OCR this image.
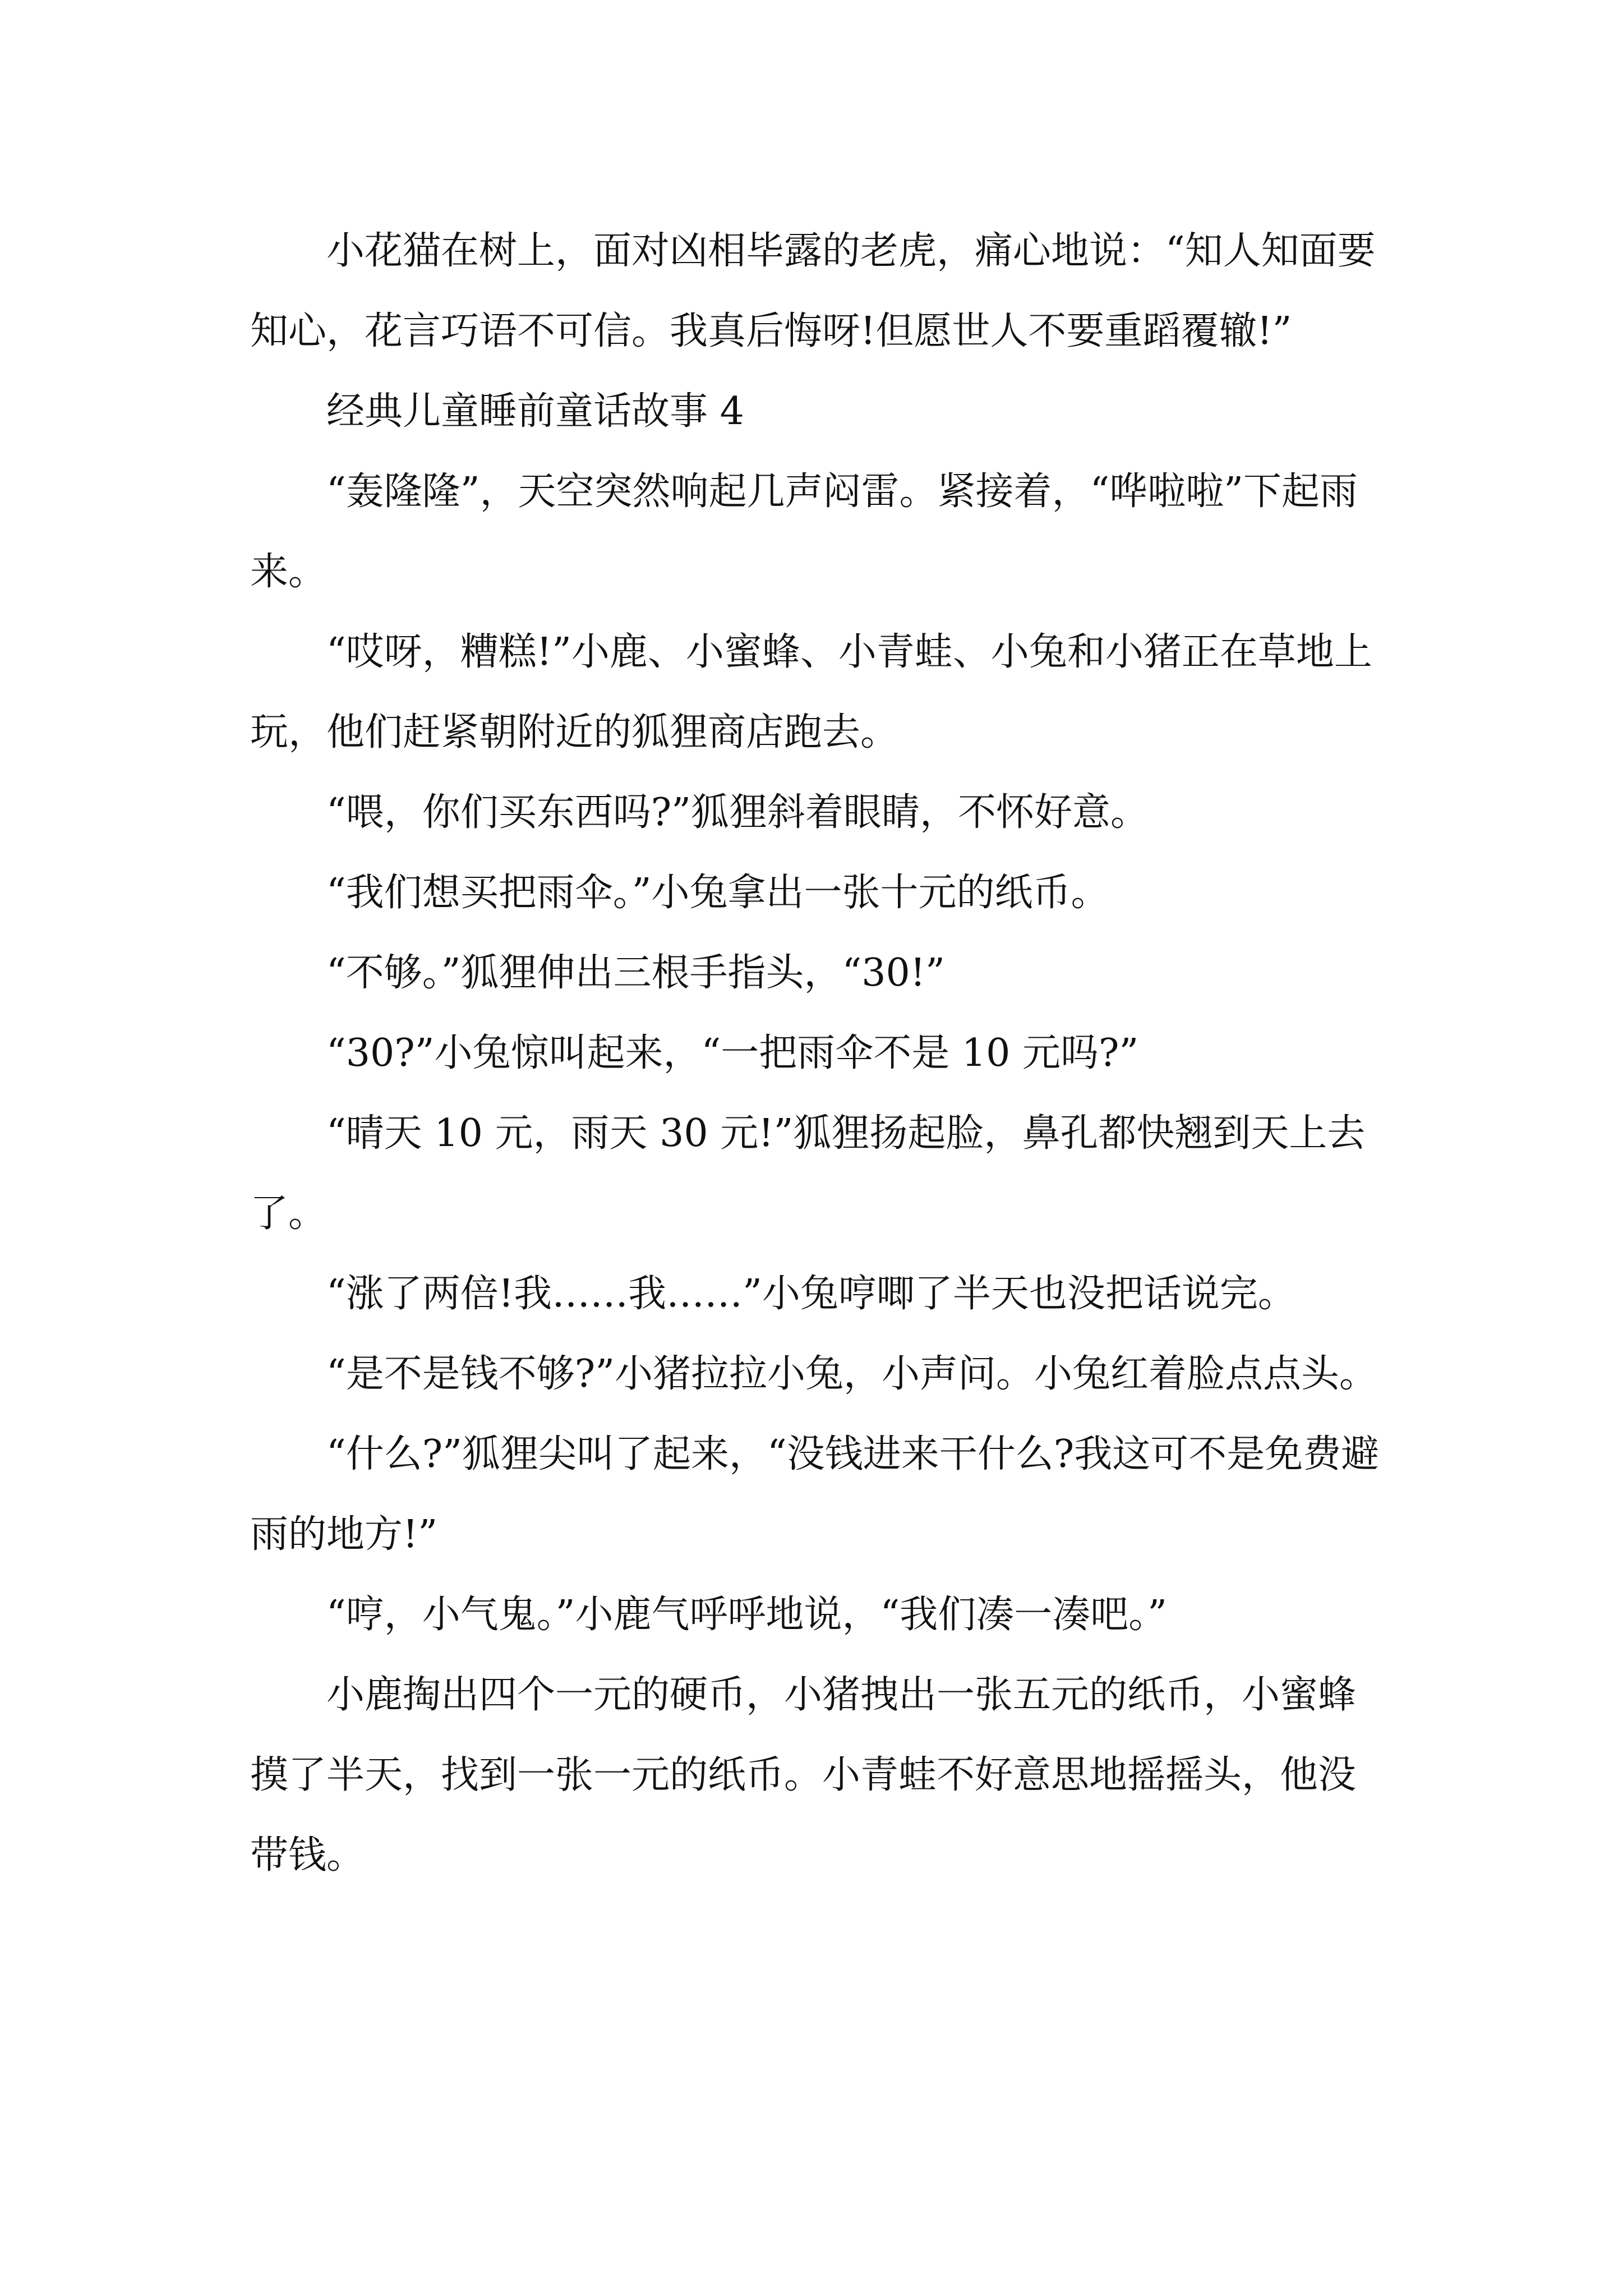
小花猫在树上，面对凶相毕露的老虎，痛心地说：“知人知面要知心，花言巧语不可信。我真后悔呀!但愿世人不要重蹈覆辙!”

经典儿童睡前童话故事 4

“轰隆隆”，天空突然响起几声闷雷。紧接着，“哗啦啦”下起雨来。

“哎呀，糟糕!”小鹿、小蜜蜂、小青蛙、小兔和小猪正在草地上玩，他们赶紧朝附近的狐狸商店跑去。

“喂，你们买东西吗?”狐狸斜着眼睛，不怀好意。

“我们想买把雨伞。”小兔拿出一张十元的纸币。

“不够。”狐狸伸出三根手指头，“30!”

“30?”小兔惊叫起来，“一把雨伞不是 10 元吗?”

“晴天 10 元，雨天 30 元!”狐狸扬起脸，鼻孔都快翘到天上去了。

“涨了两倍!我……我……”小兔哼唧了半天也没把话说完。

“是不是钱不够?”小猪拉拉小兔，小声问。小兔红着脸点点头。

“什么?”狐狸尖叫了起来，“没钱进来干什么?我这可不是免费避雨的地方!”

“哼，小气鬼。”小鹿气呼呼地说，“我们凑一凑吧。”

小鹿掏出四个一元的硬币，小猪拽出一张五元的纸币，小蜜蜂摸了半天，找到一张一元的纸币。小青蛙不好意思地摇摇头，他没带钱。
